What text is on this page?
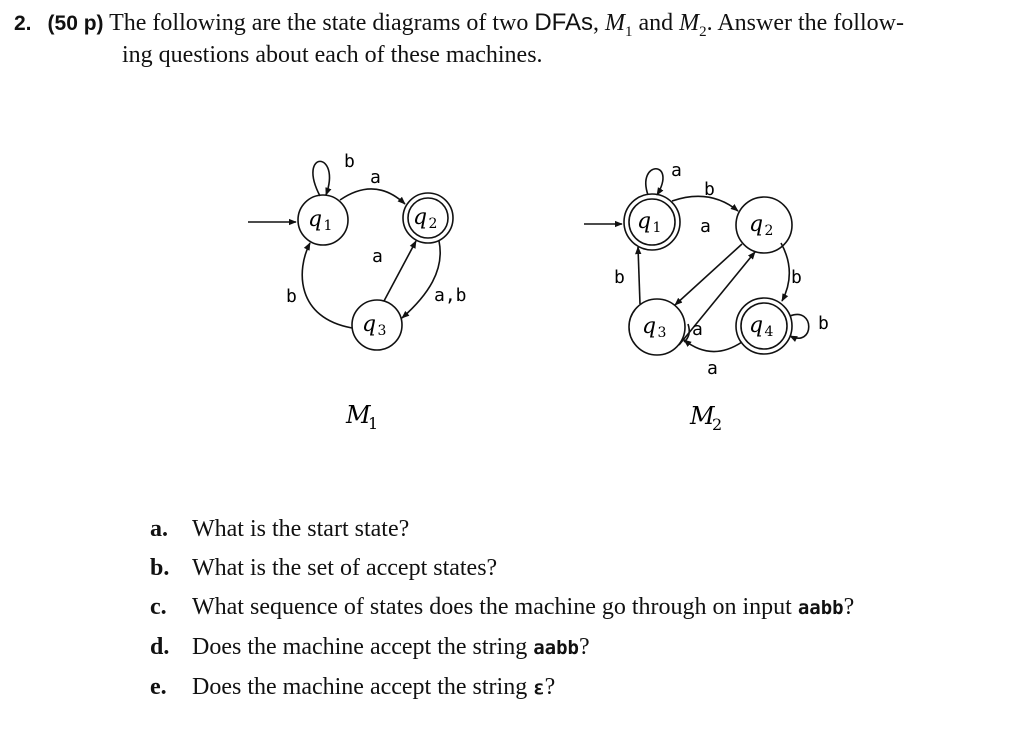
2. (50 p) The following are the state diagrams of two DFAs, $M_1$ and $M_2$. Answer the follow-
ing questions about each of these machines.
q 1	q 2
q 3
b
a
a
a,b
b
M
1
q 1	q 2
q 3	q 4
a
b
a
b
a
a
b
b
M
2
a. What is the start state?
b. What is the set of accept states?
c. What sequence of states does the machine go through on input aabb?
d. Does the machine accept the string aabb?
e. Does the machine accept the string ε?
